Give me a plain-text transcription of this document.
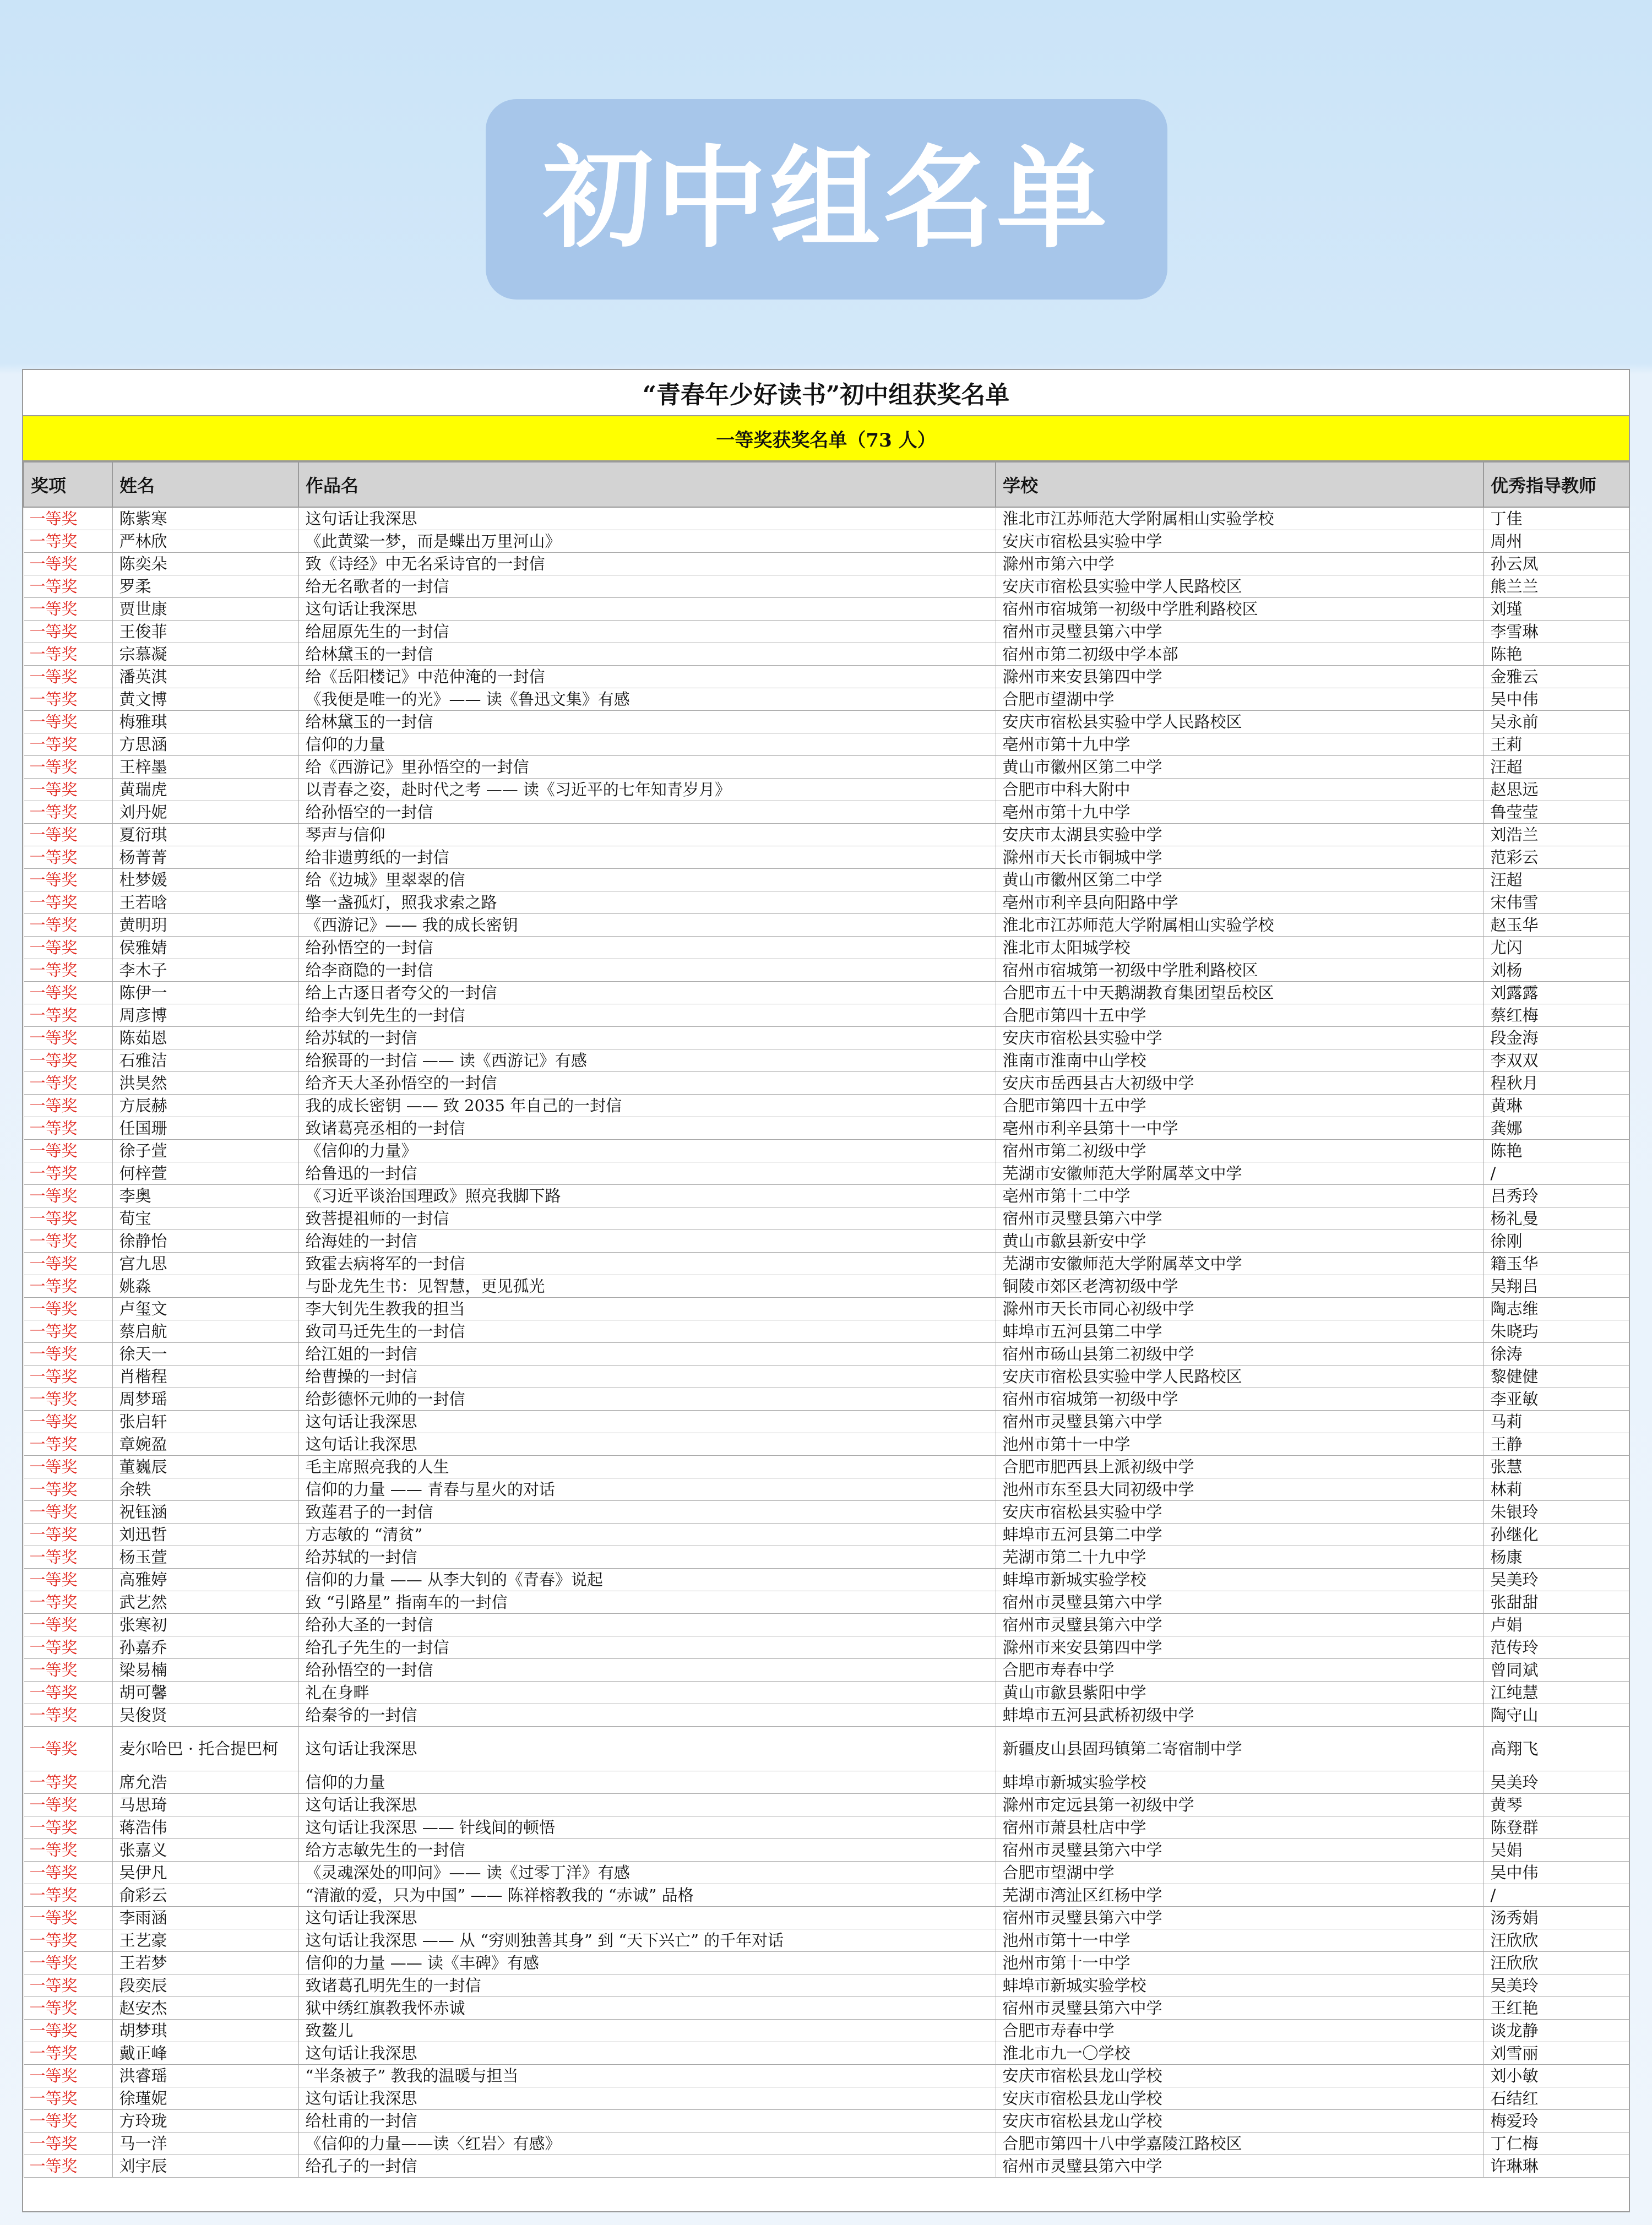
初中组名单
“青春年少好读书”初中组获奖名单
一等奖获奖名单（73 人）
奖项	姓名	作品名	学校	优秀指导教师
一等奖	陈紫寒	这句话让我深思	淮北市江苏师范大学附属相山实验学校	丁佳
一等奖	严林欣	《此黄粱一梦，而是蝶出万里河山》	安庆市宿松县实验中学	周州
一等奖	陈奕朵	致《诗经》中无名采诗官的一封信	滁州市第六中学	孙云凤
一等奖	罗柔	给无名歌者的一封信	安庆市宿松县实验中学人民路校区	熊兰兰
一等奖	贾世康	这句话让我深思	宿州市宿城第一初级中学胜利路校区	刘瑾
一等奖	王俊菲	给屈原先生的一封信	宿州市灵璧县第六中学	李雪琳
一等奖	宗慕凝	给林黛玉的一封信	宿州市第二初级中学本部	陈艳
一等奖	潘英淇	给《岳阳楼记》中范仲淹的一封信	滁州市来安县第四中学	金雅云
一等奖	黄文博	《我便是唯一的光》—— 读《鲁迅文集》有感	合肥市望湖中学	吴中伟
一等奖	梅雅琪	给林黛玉的一封信	安庆市宿松县实验中学人民路校区	吴永前
一等奖	方思涵	信仰的力量	亳州市第十九中学	王莉
一等奖	王梓墨	给《西游记》里孙悟空的一封信	黄山市徽州区第二中学	汪超
一等奖	黄瑞虎	以青春之姿，赴时代之考 —— 读《习近平的七年知青岁月》	合肥市中科大附中	赵思远
一等奖	刘丹妮	给孙悟空的一封信	亳州市第十九中学	鲁莹莹
一等奖	夏衍琪	琴声与信仰	安庆市太湖县实验中学	刘浩兰
一等奖	杨菁菁	给非遗剪纸的一封信	滁州市天长市铜城中学	范彩云
一等奖	杜梦媛	给《边城》里翠翠的信	黄山市徽州区第二中学	汪超
一等奖	王若晗	擎一盏孤灯，照我求索之路	亳州市利辛县向阳路中学	宋伟雪
一等奖	黄明玥	《西游记》—— 我的成长密钥	淮北市江苏师范大学附属相山实验学校	赵玉华
一等奖	侯雅婧	给孙悟空的一封信	淮北市太阳城学校	尤闪
一等奖	李木子	给李商隐的一封信	宿州市宿城第一初级中学胜利路校区	刘杨
一等奖	陈伊一	给上古逐日者夸父的一封信	合肥市五十中天鹅湖教育集团望岳校区	刘露露
一等奖	周彦博	给李大钊先生的一封信	合肥市第四十五中学	蔡红梅
一等奖	陈茹恩	给苏轼的一封信	安庆市宿松县实验中学	段金海
一等奖	石雅洁	给猴哥的一封信 —— 读《西游记》有感	淮南市淮南中山学校	李双双
一等奖	洪昊然	给齐天大圣孙悟空的一封信	安庆市岳西县古大初级中学	程秋月
一等奖	方辰赫	我的成长密钥 —— 致 2035 年自己的一封信	合肥市第四十五中学	黄琳
一等奖	任国珊	致诸葛亮丞相的一封信	亳州市利辛县第十一中学	龚娜
一等奖	徐子萱	《信仰的力量》	宿州市第二初级中学	陈艳
一等奖	何梓萱	给鲁迅的一封信	芜湖市安徽师范大学附属萃文中学	/
一等奖	李奥	《习近平谈治国理政》照亮我脚下路	亳州市第十二中学	吕秀玲
一等奖	荀宝	致菩提祖师的一封信	宿州市灵璧县第六中学	杨礼曼
一等奖	徐静怡	给海娃的一封信	黄山市歙县新安中学	徐刚
一等奖	宫九思	致霍去病将军的一封信	芜湖市安徽师范大学附属萃文中学	籍玉华
一等奖	姚淼	与卧龙先生书：见智慧，更见孤光	铜陵市郊区老湾初级中学	吴翔吕
一等奖	卢玺文	李大钊先生教我的担当	滁州市天长市同心初级中学	陶志维
一等奖	蔡启航	致司马迁先生的一封信	蚌埠市五河县第二中学	朱晓玙
一等奖	徐天一	给江姐的一封信	宿州市砀山县第二初级中学	徐涛
一等奖	肖楷程	给曹操的一封信	安庆市宿松县实验中学人民路校区	黎健健
一等奖	周梦瑶	给彭德怀元帅的一封信	宿州市宿城第一初级中学	李亚敏
一等奖	张启轩	这句话让我深思	宿州市灵璧县第六中学	马莉
一等奖	章婉盈	这句话让我深思	池州市第十一中学	王静
一等奖	董巍辰	毛主席照亮我的人生	合肥市肥西县上派初级中学	张慧
一等奖	余轶	信仰的力量 —— 青春与星火的对话	池州市东至县大同初级中学	林莉
一等奖	祝钰涵	致莲君子的一封信	安庆市宿松县实验中学	朱银玲
一等奖	刘迅哲	方志敏的 “清贫”	蚌埠市五河县第二中学	孙继化
一等奖	杨玉萱	给苏轼的一封信	芜湖市第二十九中学	杨康
一等奖	高雅婷	信仰的力量 —— 从李大钊的《青春》说起	蚌埠市新城实验学校	吴美玲
一等奖	武艺然	致 “引路星” 指南车的一封信	宿州市灵璧县第六中学	张甜甜
一等奖	张寒初	给孙大圣的一封信	宿州市灵璧县第六中学	卢娟
一等奖	孙嘉乔	给孔子先生的一封信	滁州市来安县第四中学	范传玲
一等奖	梁易楠	给孙悟空的一封信	合肥市寿春中学	曾同斌
一等奖	胡可馨	礼在身畔	黄山市歙县紫阳中学	江纯慧
一等奖	吴俊贤	给秦爷的一封信	蚌埠市五河县武桥初级中学	陶守山
一等奖	麦尔哈巴 · 托合提巴柯	这句话让我深思	新疆皮山县固玛镇第二寄宿制中学	高翔飞
一等奖	席允浩	信仰的力量	蚌埠市新城实验学校	吴美玲
一等奖	马思琦	这句话让我深思	滁州市定远县第一初级中学	黄琴
一等奖	蒋浩伟	这句话让我深思 —— 针线间的顿悟	宿州市萧县杜店中学	陈登群
一等奖	张嘉义	给方志敏先生的一封信	宿州市灵璧县第六中学	吴娟
一等奖	吴伊凡	《灵魂深处的叩问》—— 读《过零丁洋》有感	合肥市望湖中学	吴中伟
一等奖	俞彩云	“清澈的爱，只为中国” —— 陈祥榕教我的 “赤诚” 品格	芜湖市湾沚区红杨中学	/
一等奖	李雨涵	这句话让我深思	宿州市灵璧县第六中学	汤秀娟
一等奖	王艺豪	这句话让我深思 —— 从 “穷则独善其身” 到 “天下兴亡” 的千年对话	池州市第十一中学	汪欣欣
一等奖	王若梦	信仰的力量 —— 读《丰碑》有感	池州市第十一中学	汪欣欣
一等奖	段奕辰	致诸葛孔明先生的一封信	蚌埠市新城实验学校	吴美玲
一等奖	赵安杰	狱中绣红旗教我怀赤诚	宿州市灵璧县第六中学	王红艳
一等奖	胡梦琪	致鳌儿	合肥市寿春中学	谈龙静
一等奖	戴正峰	这句话让我深思	淮北市九一〇学校	刘雪丽
一等奖	洪睿瑶	“半条被子” 教我的温暖与担当	安庆市宿松县龙山学校	刘小敏
一等奖	徐瑾妮	这句话让我深思	安庆市宿松县龙山学校	石结红
一等奖	方玲珑	给杜甫的一封信	安庆市宿松县龙山学校	梅爱玲
一等奖	马一洋	《信仰的力量——读〈红岩〉有感》	合肥市第四十八中学嘉陵江路校区	丁仁梅
一等奖	刘宇辰	给孔子的一封信	宿州市灵璧县第六中学	许琳琳
